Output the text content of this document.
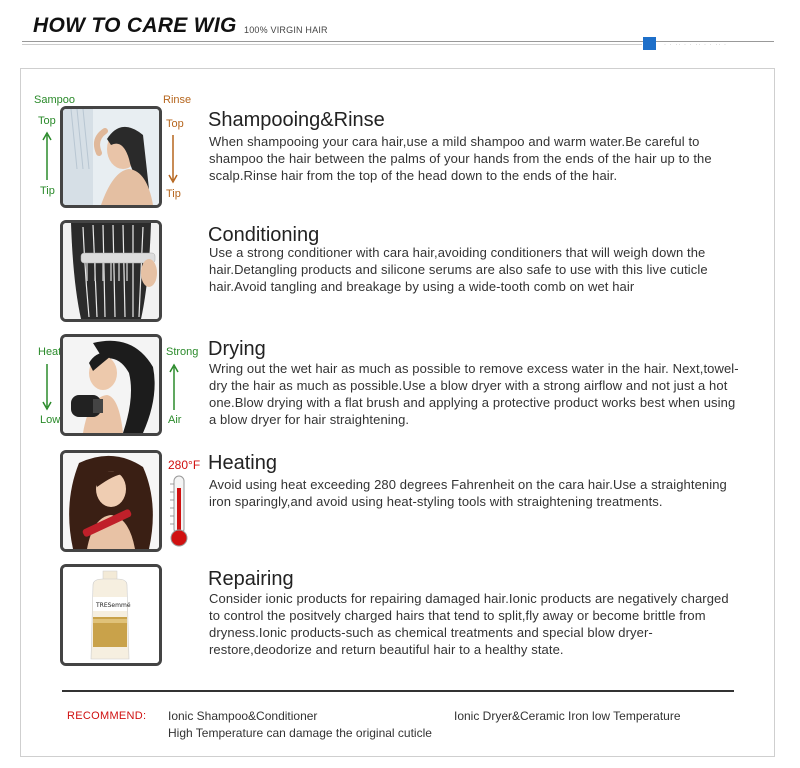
HOW TO CARE WIG 100% VIRGIN HAIR
· · ·· · · ·· · · ·· ·
Sampoo
Top
Tip
Rinse
Top
Tip
Shampooing&Rinse
When shampooing your cara hair,use a mild shampoo and warm water.Be careful to shampoo the hair between the palms of your hands from the ends of the hair up to the scalp.Rinse hair from the top of the head down to the ends of the hair.
Conditioning
Use a strong conditioner with cara hair,avoiding conditioners that will weigh down the hair.Detangling products and silicone serums are also safe to use with this live cuticle hair.Avoid tangling and breakage by using a wide-tooth comb on wet hair
Heat
Low
Strong
Air
Drying
Wring out the wet hair as much as possible to remove excess water in the hair. Next,towel-dry the hair as much as possible.Use a blow dryer with a strong airflow and not just a hot one.Blow drying with a flat brush and applying a protective product works best when using a blow dryer for hair straightening.
280°F Heating
Avoid using heat exceeding 280 degrees Fahrenheit on the cara hair.Use a straightening iron sparingly,and avoid using heat-styling tools with straightening treatments.
TRESemmé
Repairing
Consider ionic products for repairing damaged hair.Ionic products are negatively charged to control the positvely charged hairs that tend to split,fly away or become brittle from dryness.Ionic products-such as chemical treatments and special blow dryer-restore,deodorize and return beautiful hair to a healthy state.
RECOMMEND: Ionic Shampoo&Conditioner	Ionic Dryer&Ceramic Iron low Temperature
High Temperature can damage the original cuticle
